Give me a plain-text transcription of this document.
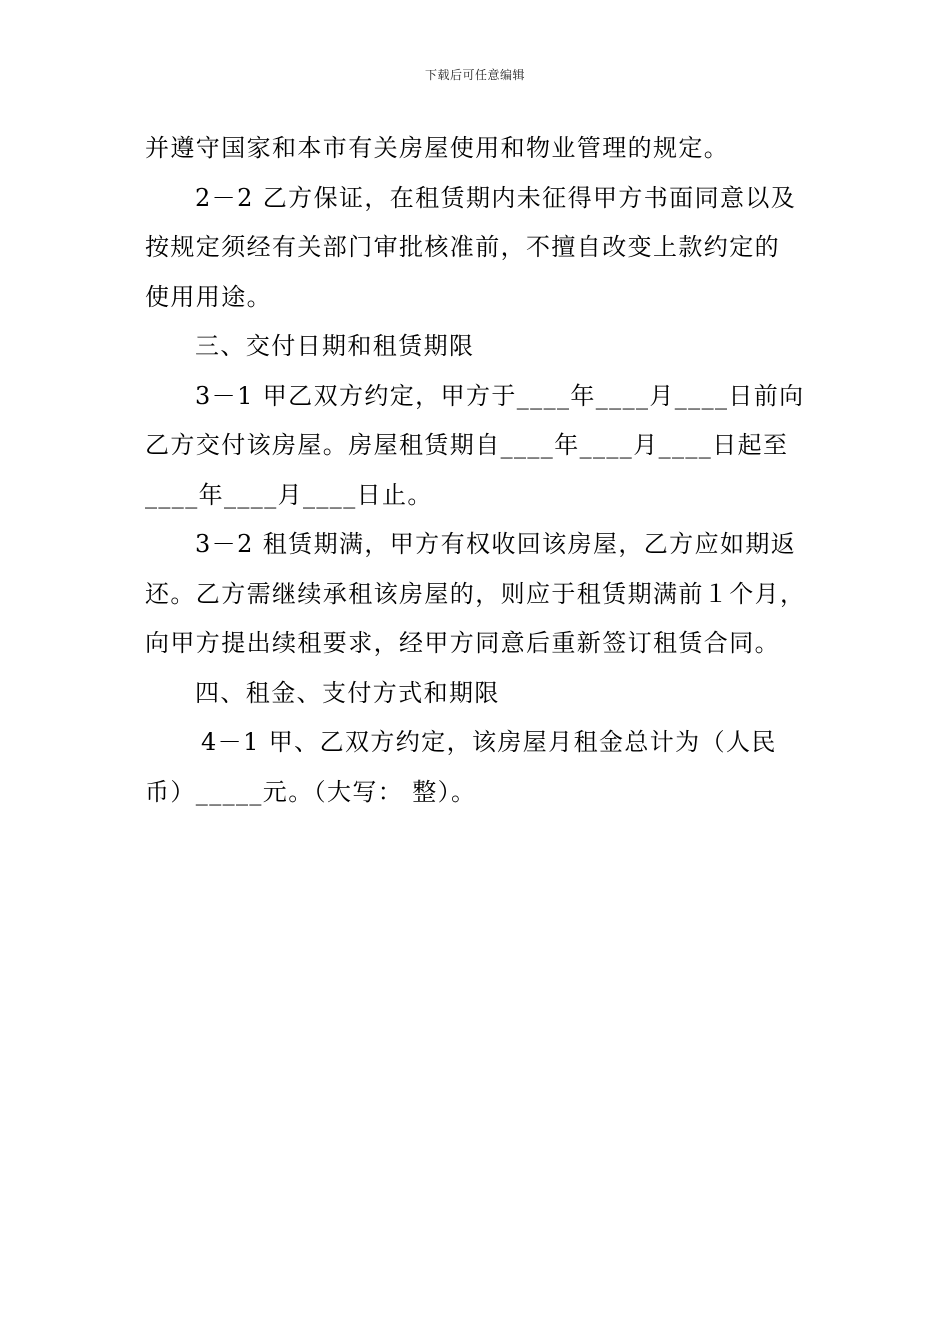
下载后可任意编辑
并遵守国家和本市有关房屋使用和物业管理的规定。
2－2 乙方保证，在租赁期内未征得甲方书面同意以及
按规定须经有关部门审批核准前，不擅自改变上款约定的
使用用途。
三、交付日期和租赁期限
3－1 甲乙双方约定，甲方于____年____月____日前向
乙方交付该房屋。房屋租赁期自____年____月____日起至
____年____月____日止。
3－2 租赁期满，甲方有权收回该房屋，乙方应如期返
还。乙方需继续承租该房屋的，则应于租赁期满前１个月，
向甲方提出续租要求，经甲方同意后重新签订租赁合同。
四、租金、支付方式和期限
4－1 甲、乙双方约定，该房屋月租金总计为（人民
币）_____元。（大写： 整）。
